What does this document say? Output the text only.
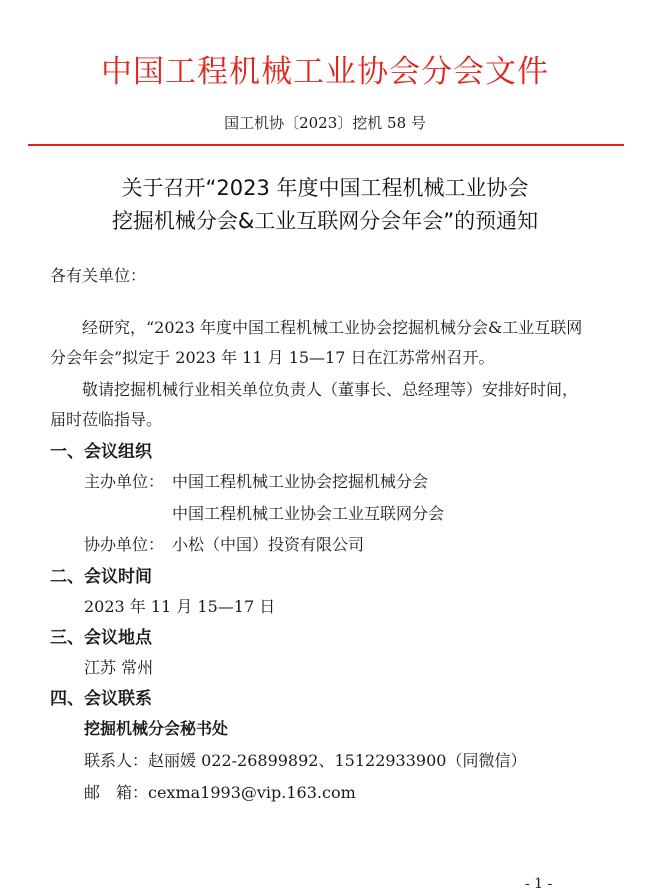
中国工程机械工业协会分会文件
国工机协〔2023〕挖机 58 号
关于召开“2023 年度中国工程机械工业协会
挖掘机械分会&工业互联网分会年会”的预通知
各有关单位：
经研究，“2023 年度中国工程机械工业协会挖掘机械分会&工业互联网
分会年会”拟定于 2023 年 11 月 15—17 日在江苏常州召开。
敬请挖掘机械行业相关单位负责人（董事长、总经理等）安排好时间，
届时莅临指导。
一、会议组织
主办单位： 中国工程机械工业协会挖掘机械分会
中国工程机械工业协会工业互联网分会
协办单位： 小松（中国）投资有限公司
二、会议时间
2023 年 11 月 15—17 日
三、会议地点
江苏 常州
四、会议联系
挖掘机械分会秘书处
联系人：赵丽媛 022-26899892、15122933900（同微信）
邮　箱：cexma1993@vip.163.com
- 1 -
